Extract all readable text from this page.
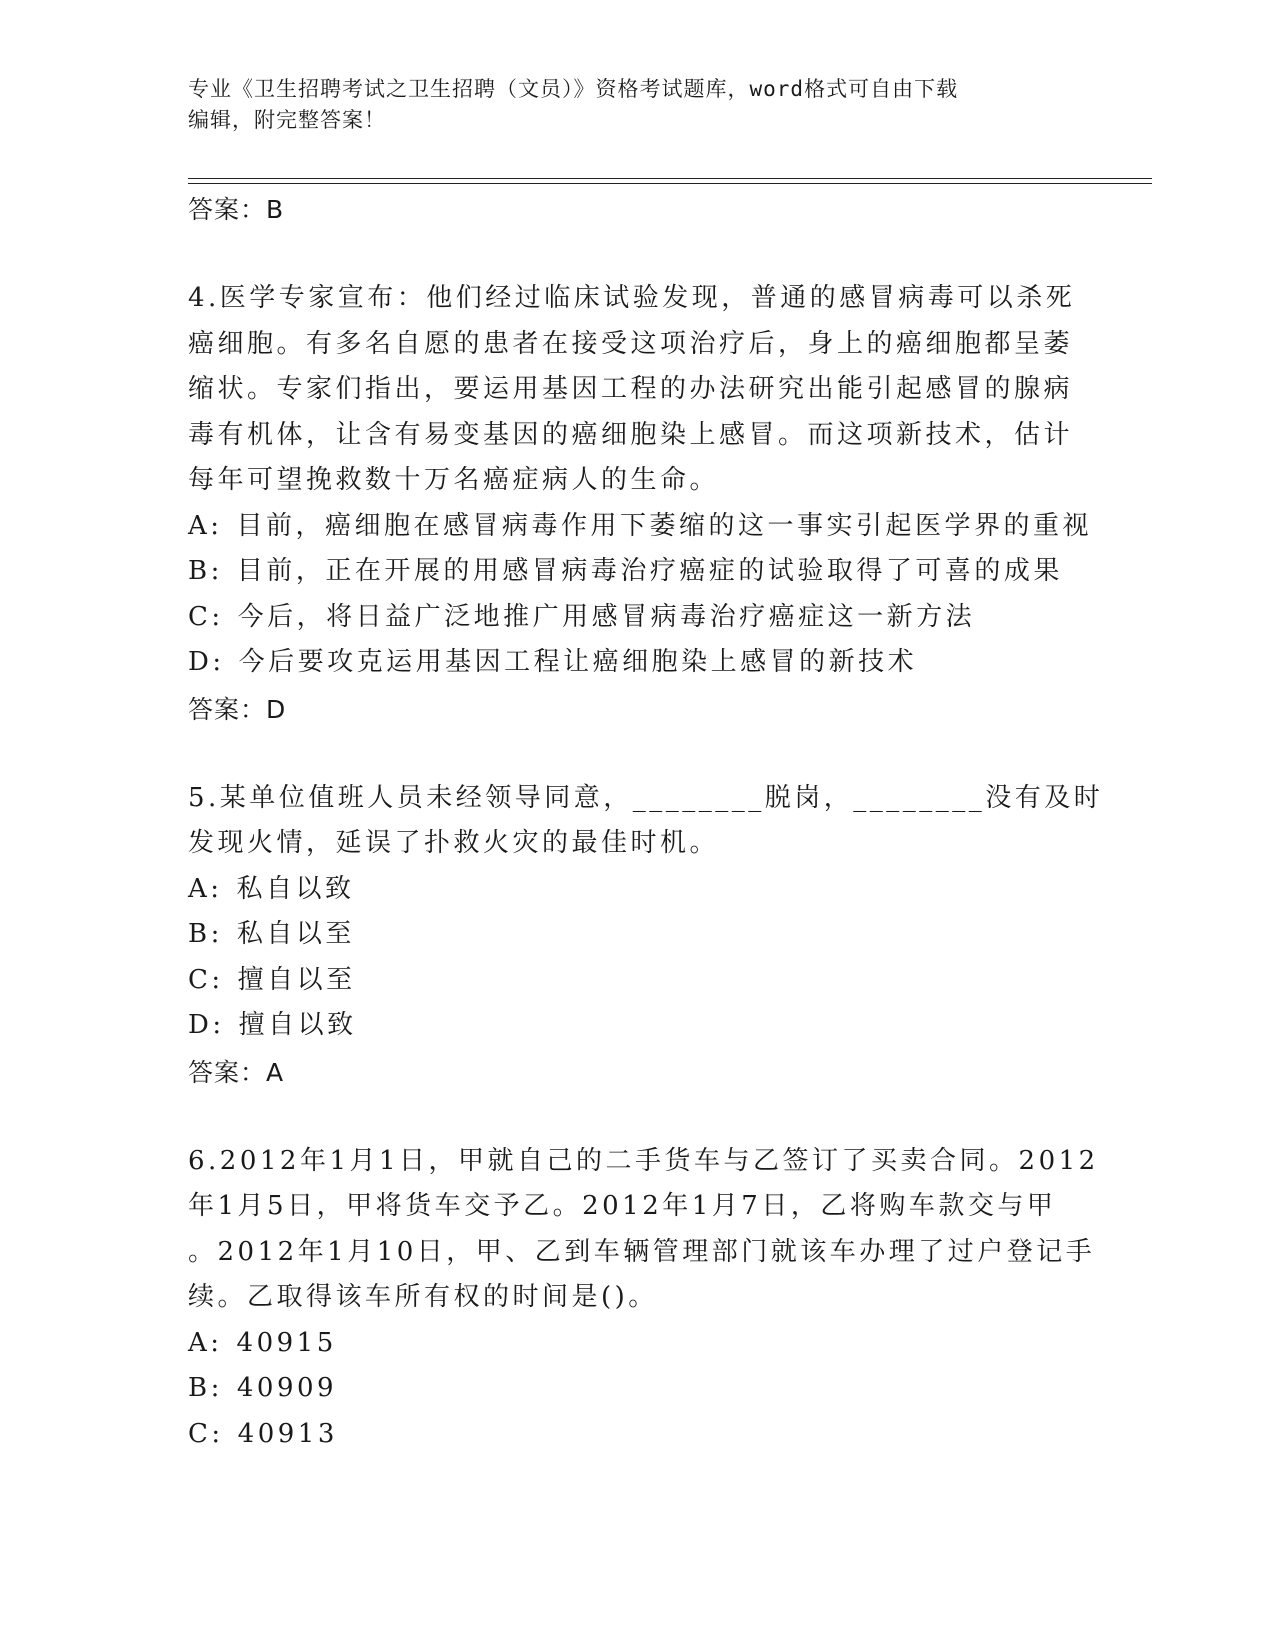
专业《卫生招聘考试之卫生招聘（文员）》资格考试题库，word格式可自由下载
编辑，附完整答案！
答案：B
4.医学专家宣布：他们经过临床试验发现，普通的感冒病毒可以杀死
癌细胞。有多名自愿的患者在接受这项治疗后，身上的癌细胞都呈萎
缩状。专家们指出，要运用基因工程的办法研究出能引起感冒的腺病
毒有机体，让含有易变基因的癌细胞染上感冒。而这项新技术，估计
每年可望挽救数十万名癌症病人的生命。
A: 目前，癌细胞在感冒病毒作用下萎缩的这一事实引起医学界的重视
B: 目前，正在开展的用感冒病毒治疗癌症的试验取得了可喜的成果
C: 今后，将日益广泛地推广用感冒病毒治疗癌症这一新方法
D: 今后要攻克运用基因工程让癌细胞染上感冒的新技术
答案：D
5.某单位值班人员未经领导同意，________脱岗，________没有及时
发现火情，延误了扑救火灾的最佳时机。
A: 私自以致
B: 私自以至
C: 擅自以至
D: 擅自以致
答案：A
6.2012年1月1日，甲就自己的二手货车与乙签订了买卖合同。2012
年1月5日，甲将货车交予乙。2012年1月7日，乙将购车款交与甲
。2012年1月10日，甲、乙到车辆管理部门就该车办理了过户登记手
续。乙取得该车所有权的时间是()。
A: 40915
B: 40909
C: 40913
